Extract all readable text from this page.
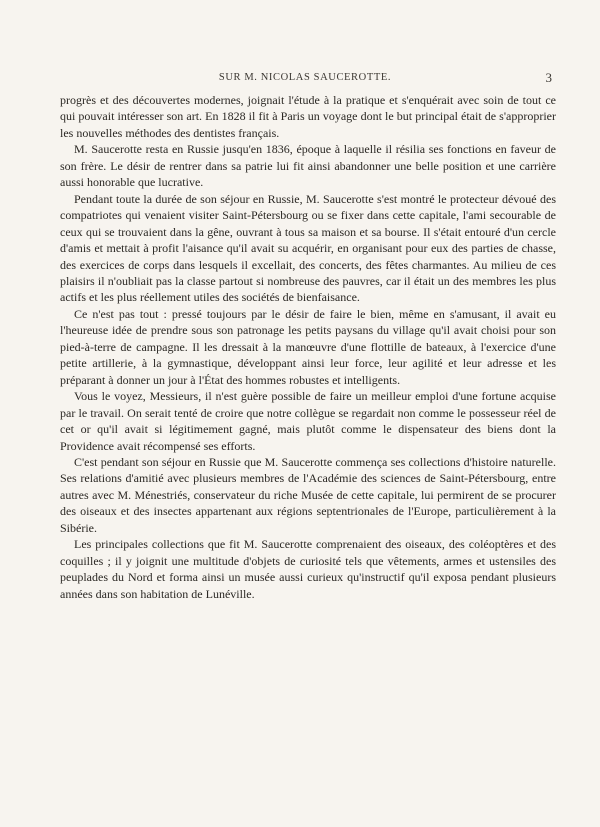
SUR M. NICOLAS SAUCEROTTE.	3

progrès et des découvertes modernes, joignait l'étude à la pratique et s'enquérait avec soin de tout ce qui pouvait intéresser son art. En 1828 il fit à Paris un voyage dont le but principal était de s'approprier les nouvelles méthodes des dentistes français.

M. Saucerotte resta en Russie jusqu'en 1836, époque à laquelle il résilia ses fonctions en faveur de son frère. Le désir de rentrer dans sa patrie lui fit ainsi abandonner une belle position et une carrière aussi honorable que lucrative.

Pendant toute la durée de son séjour en Russie, M. Saucerotte s'est montré le protecteur dévoué des compatriotes qui venaient visiter Saint-Pétersbourg ou se fixer dans cette capitale, l'ami secourable de ceux qui se trouvaient dans la gêne, ouvrant à tous sa maison et sa bourse. Il s'était entouré d'un cercle d'amis et mettait à profit l'aisance qu'il avait su acquérir, en organisant pour eux des parties de chasse, des exercices de corps dans lesquels il excellait, des concerts, des fêtes charmantes. Au milieu de ces plaisirs il n'oubliait pas la classe partout si nombreuse des pauvres, car il était un des membres les plus actifs et les plus réellement utiles des sociétés de bienfaisance.

Ce n'est pas tout : pressé toujours par le désir de faire le bien, même en s'amusant, il avait eu l'heureuse idée de prendre sous son patronage les petits paysans du village qu'il avait choisi pour son pied-à-terre de campagne. Il les dressait à la manœuvre d'une flottille de bateaux, à l'exercice d'une petite artillerie, à la gymnastique, développant ainsi leur force, leur agilité et leur adresse et les préparant à donner un jour à l'État des hommes robustes et intelligents.

Vous le voyez, Messieurs, il n'est guère possible de faire un meilleur emploi d'une fortune acquise par le travail. On serait tenté de croire que notre collègue se regardait non comme le possesseur réel de cet or qu'il avait si légitimement gagné, mais plutôt comme le dispensateur des biens dont la Providence avait récompensé ses efforts.

C'est pendant son séjour en Russie que M. Saucerotte commença ses collections d'histoire naturelle. Ses relations d'amitié avec plusieurs membres de l'Académie des sciences de Saint-Pétersbourg, entre autres avec M. Ménestriés, conservateur du riche Musée de cette capitale, lui permirent de se procurer des oiseaux et des insectes appartenant aux régions septentrionales de l'Europe, particulièrement à la Sibérie.

Les principales collections que fit M. Saucerotte comprenaient des oiseaux, des coléoptères et des coquilles ; il y joignit une multitude d'objets de curiosité tels que vêtements, armes et ustensiles des peuplades du Nord et forma ainsi un musée aussi curieux qu'instructif qu'il exposa pendant plusieurs années dans son habitation de Lunéville.
